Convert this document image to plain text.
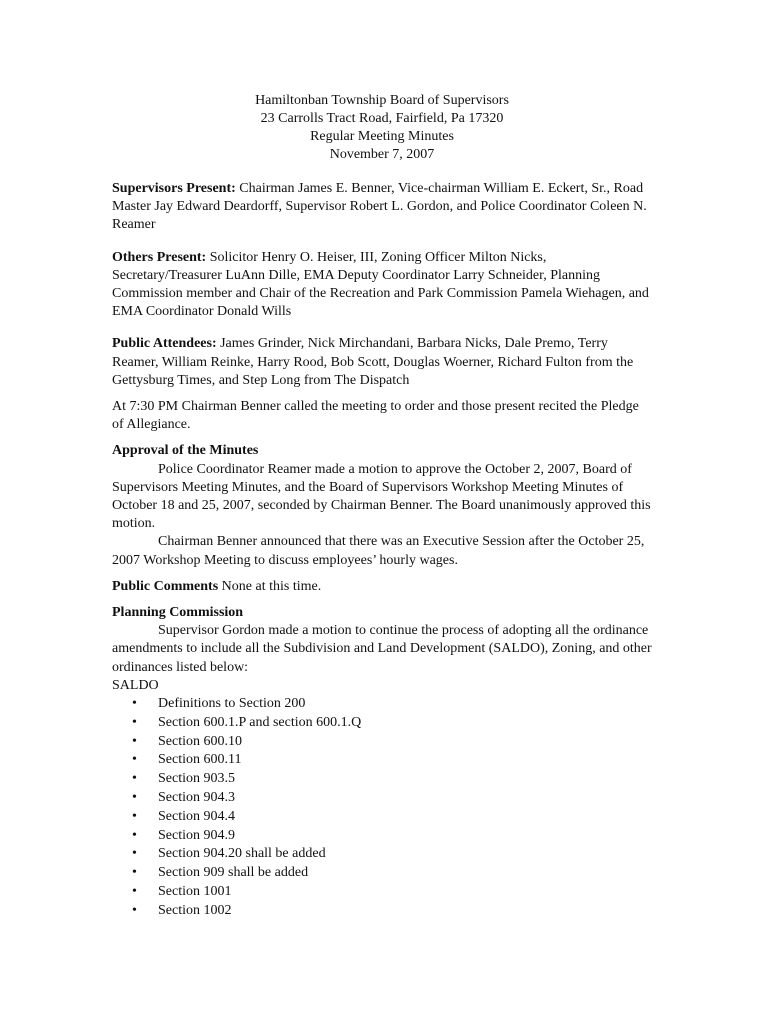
Hamiltonban Township Board of Supervisors
23 Carrolls Tract Road, Fairfield, Pa 17320
Regular Meeting Minutes
November 7, 2007

Supervisors Present: Chairman James E. Benner, Vice-chairman William E. Eckert, Sr., Road Master Jay Edward Deardorff, Supervisor Robert L. Gordon, and Police Coordinator Coleen N. Reamer

Others Present: Solicitor Henry O. Heiser, III, Zoning Officer Milton Nicks, Secretary/Treasurer LuAnn Dille, EMA Deputy Coordinator Larry Schneider, Planning Commission member and Chair of the Recreation and Park Commission Pamela Wiehagen, and EMA Coordinator Donald Wills

Public Attendees: James Grinder, Nick Mirchandani, Barbara Nicks, Dale Premo, Terry Reamer, William Reinke, Harry Rood, Bob Scott, Douglas Woerner, Richard Fulton from the Gettysburg Times, and Step Long from The Dispatch

At 7:30 PM Chairman Benner called the meeting to order and those present recited the Pledge of Allegiance.

Approval of the Minutes

Police Coordinator Reamer made a motion to approve the October 2, 2007, Board of Supervisors Meeting Minutes, and the Board of Supervisors Workshop Meeting Minutes of October 18 and 25, 2007, seconded by Chairman Benner. The Board unanimously approved this motion.

Chairman Benner announced that there was an Executive Session after the October 25, 2007 Workshop Meeting to discuss employees’ hourly wages.

Public Comments None at this time.

Planning Commission

Supervisor Gordon made a motion to continue the process of adopting all the ordinance amendments to include all the Subdivision and Land Development (SALDO), Zoning, and other ordinances listed below:

SALDO

• Definitions to Section 200
• Section 600.1.P and section 600.1.Q
• Section 600.10
• Section 600.11
• Section 903.5
• Section 904.3
• Section 904.4
• Section 904.9
• Section 904.20 shall be added
• Section 909 shall be added
• Section 1001
• Section 1002
